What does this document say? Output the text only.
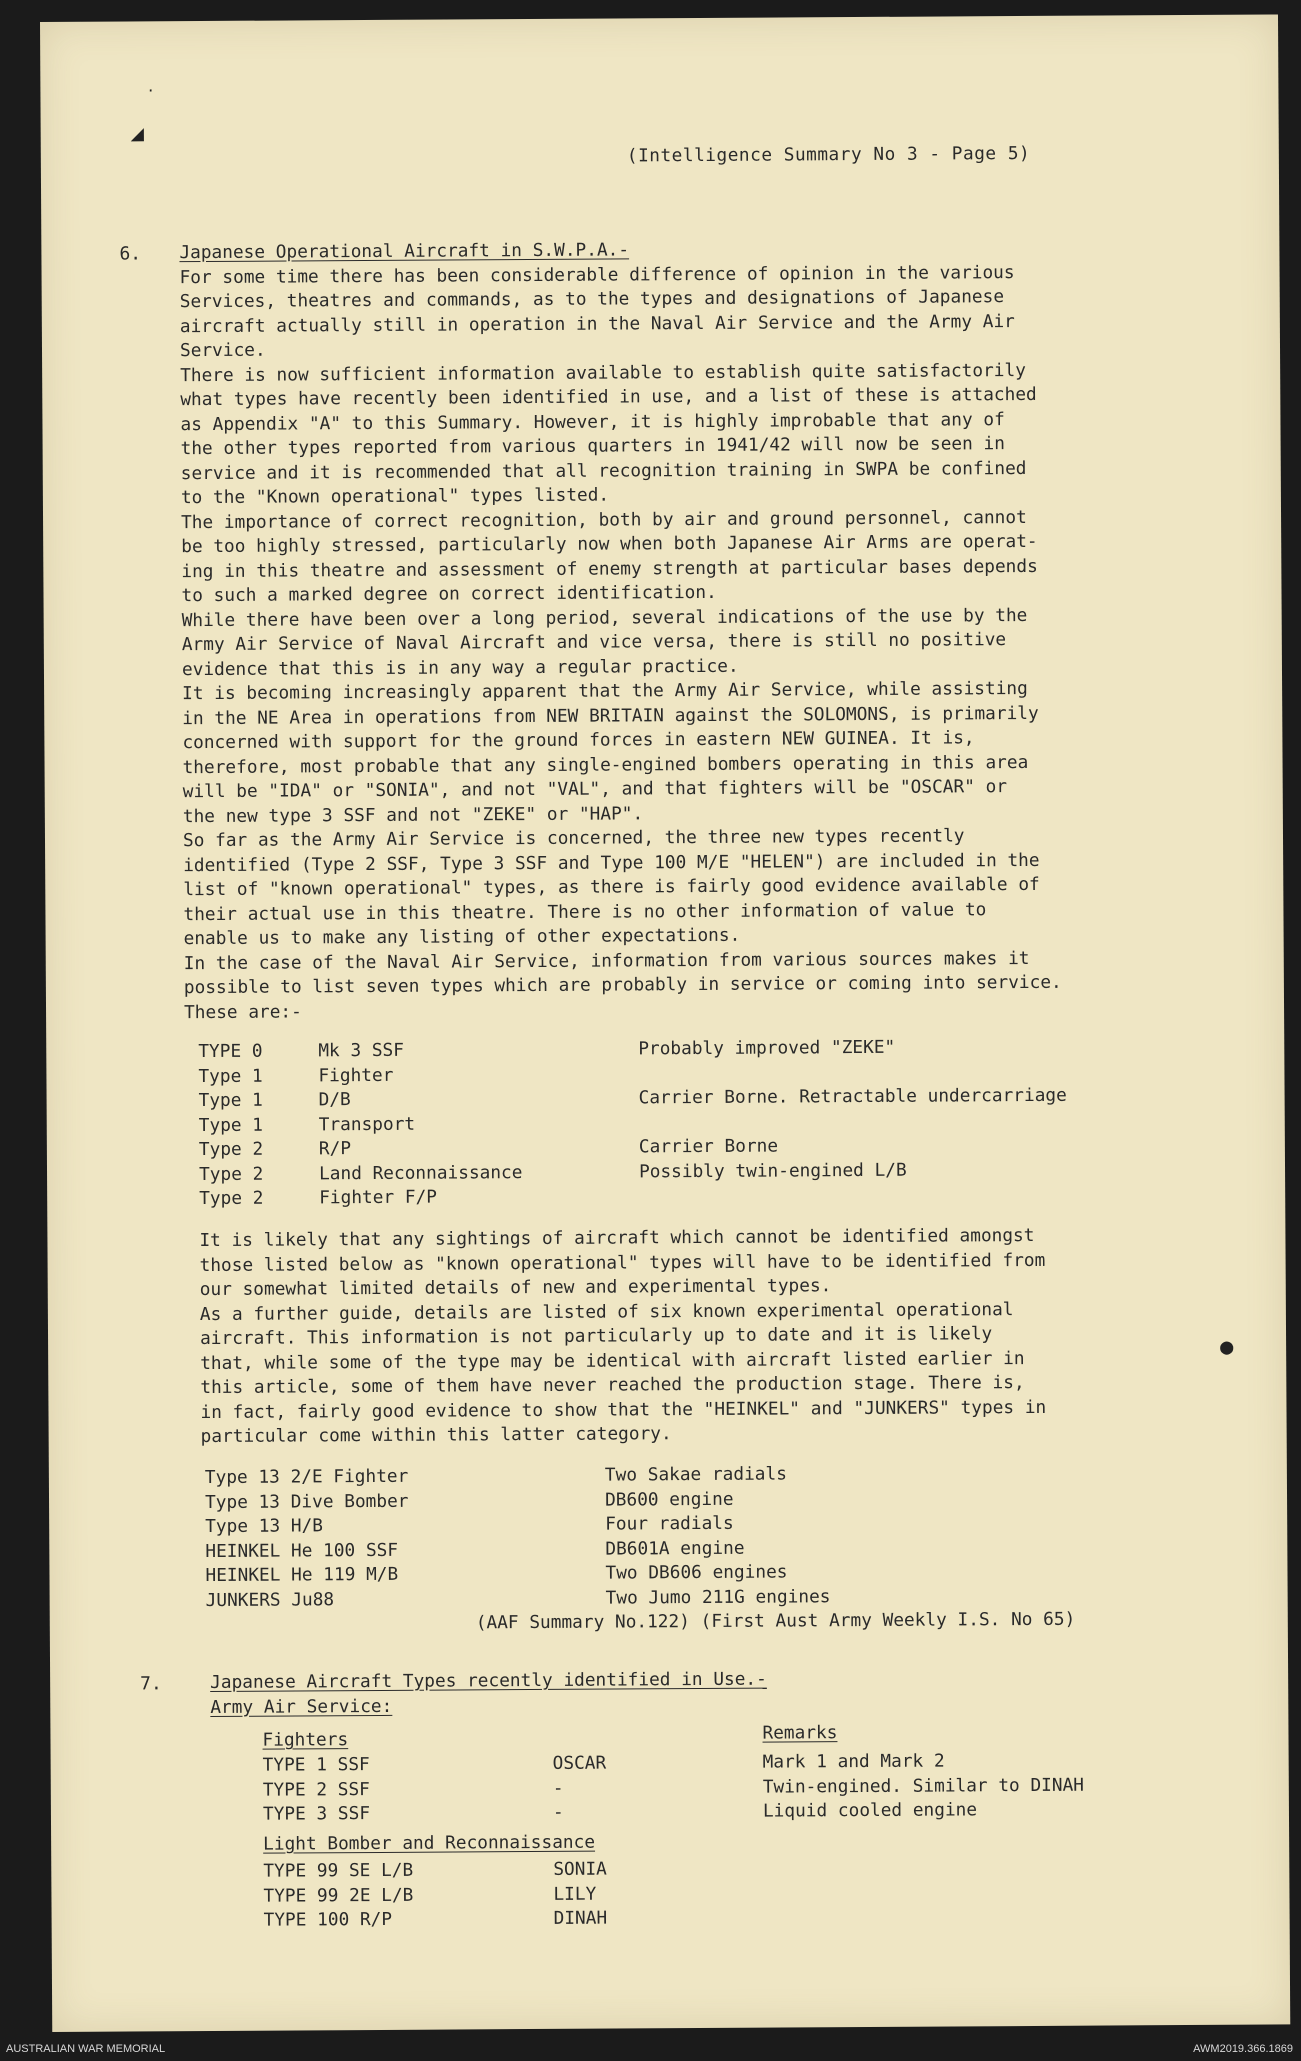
·
◢
●
(Intelligence Summary No 3 - Page 5)
6. Japanese Operational Aircraft in S.W.P.A.-
For some time there has been considerable difference of opinion in the various
Services, theatres and commands, as to the types and designations of Japanese
aircraft actually still in operation in the Naval Air Service and the Army Air
Service.
There is now sufficient information available to establish quite satisfactorily
what types have recently been identified in use, and a list of these is attached
as Appendix "A" to this Summary. However, it is highly improbable that any of
the other types reported from various quarters in 1941/42 will now be seen in
service and it is recommended that all recognition training in SWPA be confined
to the "Known operational" types listed.
The importance of correct recognition, both by air and ground personnel, cannot
be too highly stressed, particularly now when both Japanese Air Arms are operat-
ing in this theatre and assessment of enemy strength at particular bases depends
to such a marked degree on correct identification.
While there have been over a long period, several indications of the use by the
Army Air Service of Naval Aircraft and vice versa, there is still no positive
evidence that this is in any way a regular practice.
It is becoming increasingly apparent that the Army Air Service, while assisting
in the NE Area in operations from NEW BRITAIN against the SOLOMONS, is primarily
concerned with support for the ground forces in eastern NEW GUINEA. It is,
therefore, most probable that any single-engined bombers operating in this area
will be "IDA" or "SONIA", and not "VAL", and that fighters will be "OSCAR" or
the new type 3 SSF and not "ZEKE" or "HAP".
So far as the Army Air Service is concerned, the three new types recently
identified (Type 2 SSF, Type 3 SSF and Type 100 M/E "HELEN") are included in the
list of "known operational" types, as there is fairly good evidence available of
their actual use in this theatre. There is no other information of value to
enable us to make any listing of other expectations.
In the case of the Naval Air Service, information from various sources makes it
possible to list seven types which are probably in service or coming into service.
These are:-
TYPE 0	Mk 3 SSF	Probably improved "ZEKE"
Type 1	Fighter
Type 1	D/B	Carrier Borne. Retractable undercarriage
Type 1	Transport
Type 2	R/P	Carrier Borne
Type 2	Land Reconnaissance	Possibly twin-engined L/B
Type 2	Fighter F/P
It is likely that any sightings of aircraft which cannot be identified amongst
those listed below as "known operational" types will have to be identified from
our somewhat limited details of new and experimental types.
As a further guide, details are listed of six known experimental operational
aircraft. This information is not particularly up to date and it is likely
that, while some of the type may be identical with aircraft listed earlier in
this article, some of them have never reached the production stage. There is,
in fact, fairly good evidence to show that the "HEINKEL" and "JUNKERS" types in
particular come within this latter category.
Type 13 2/E Fighter	Two Sakae radials
Type 13 Dive Bomber	DB600 engine
Type 13 H/B	Four radials
HEINKEL He 100 SSF	DB601A engine
HEINKEL He 119 M/B	Two DB606 engines
JUNKERS Ju88	Two Jumo 211G engines
(AAF Summary No.122) (First Aust Army Weekly I.S. No 65)
7.	Japanese Aircraft Types recently identified in Use.-
Army Air Service:
Fighters	Remarks
TYPE 1 SSF	OSCAR	Mark 1 and Mark 2
TYPE 2 SSF	-	Twin-engined. Similar to DINAH
TYPE 3 SSF	-	Liquid cooled engine
Light Bomber and Reconnaissance
TYPE 99 SE L/B	SONIA
TYPE 99 2E L/B	LILY
TYPE 100 R/P	DINAH
AUSTRALIAN WAR MEMORIAL	AWM2019.366.1869
